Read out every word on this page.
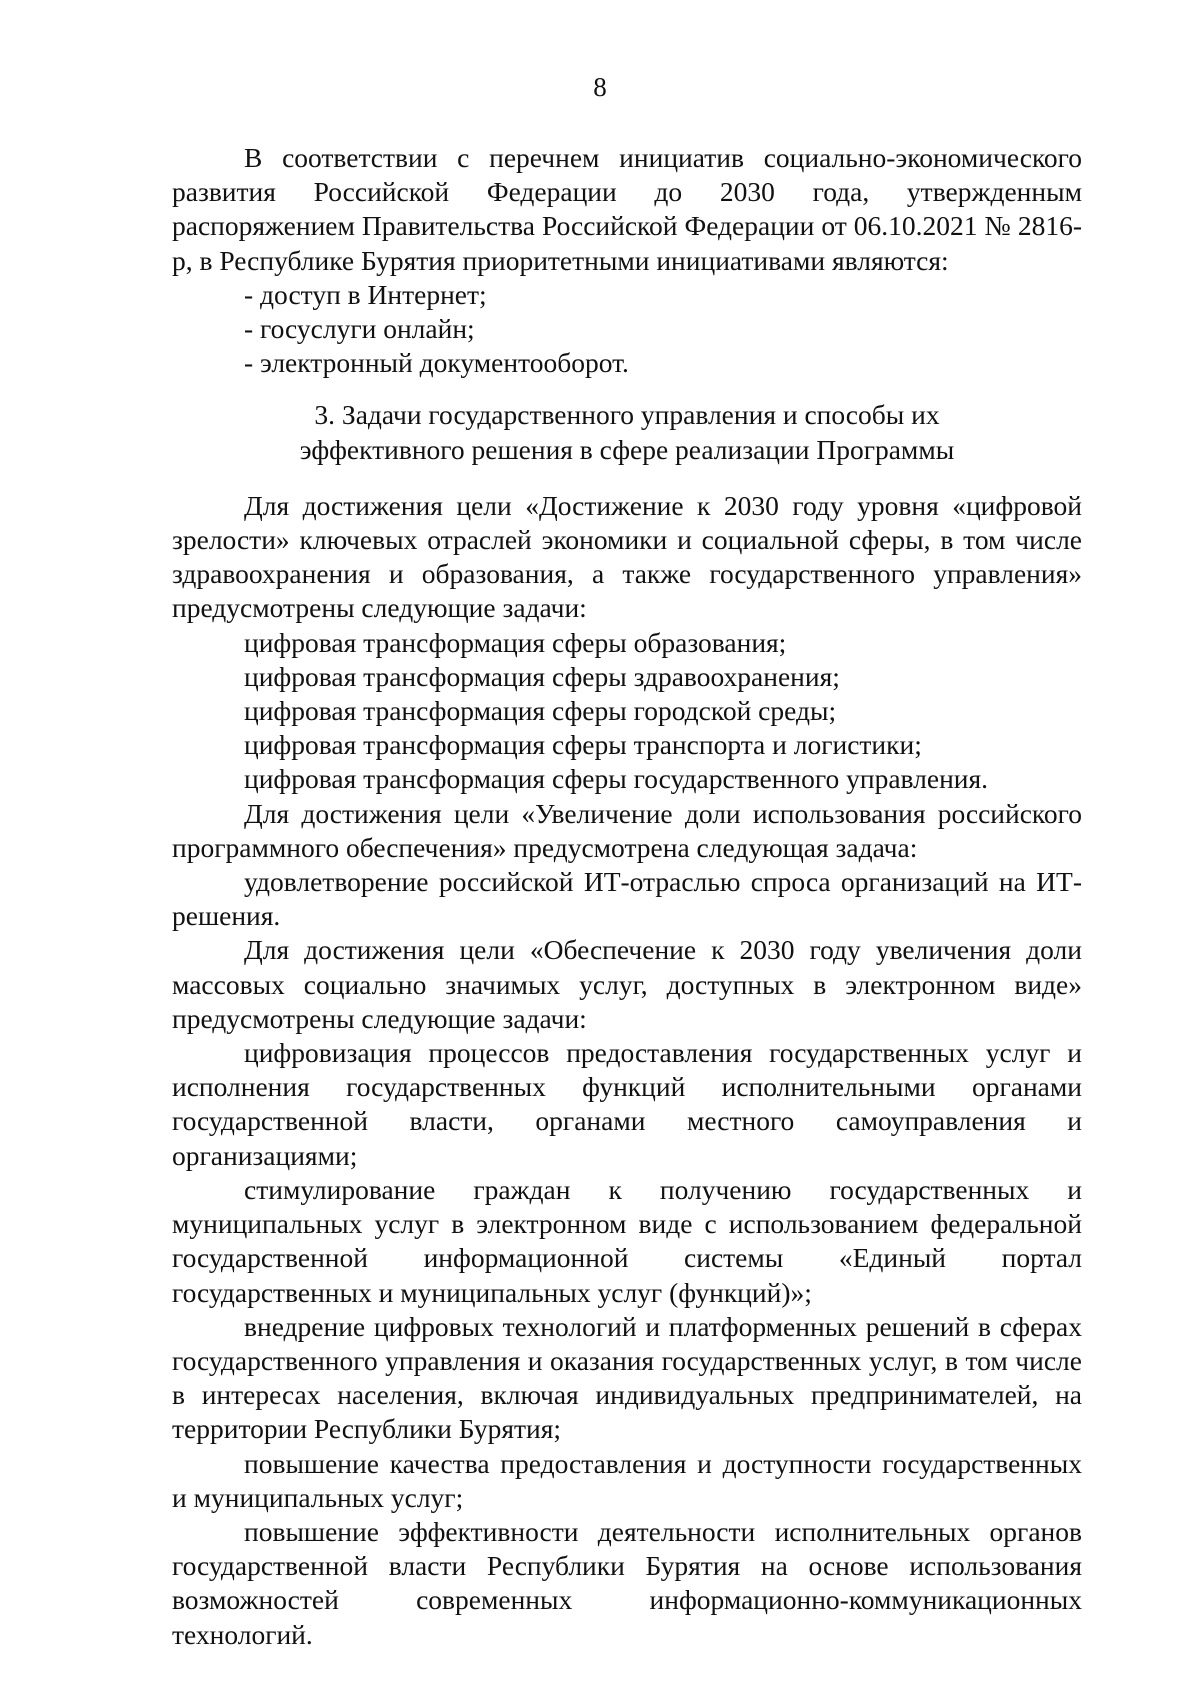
8

В соответствии с перечнем инициатив социально-экономического развития Российской Федерации до 2030 года, утвержденным распоряжением Правительства Российской Федерации от 06.10.2021 № 2816-р, в Республике Бурятия приоритетными инициативами являются:

- доступ в Интернет;

- госуслуги онлайн;

- электронный документооборот.

3. Задачи государственного управления и способы их
эффективного решения в сфере реализации Программы

Для достижения цели «Достижение к 2030 году уровня «цифровой зрелости» ключевых отраслей экономики и социальной сферы, в том числе здравоохранения и образования, а также государственного управления» предусмотрены следующие задачи:

цифровая трансформация сферы образования;

цифровая трансформация сферы здравоохранения;

цифровая трансформация сферы городской среды;

цифровая трансформация сферы транспорта и логистики;

цифровая трансформация сферы государственного управления.

Для достижения цели «Увеличение доли использования российского программного обеспечения» предусмотрена следующая задача:

удовлетворение российской ИТ-отраслью спроса организаций на ИТ-решения.

Для достижения цели «Обеспечение к 2030 году увеличения доли массовых социально значимых услуг, доступных в электронном виде» предусмотрены следующие задачи:

цифровизация процессов предоставления государственных услуг и исполнения государственных функций исполнительными органами государственной власти, органами местного самоуправления и организациями;

стимулирование граждан к получению государственных и муниципальных услуг в электронном виде с использованием федеральной государственной информационной системы «Единый портал государственных и муниципальных услуг (функций)»;

внедрение цифровых технологий и платформенных решений в сферах государственного управления и оказания государственных услуг, в том числе в интересах населения, включая индивидуальных предпринимателей, на территории Республики Бурятия;

повышение качества предоставления и доступности государственных и муниципальных услуг;

повышение эффективности деятельности исполнительных органов государственной власти Республики Бурятия на основе использования возможностей современных информационно-коммуникационных технологий.
